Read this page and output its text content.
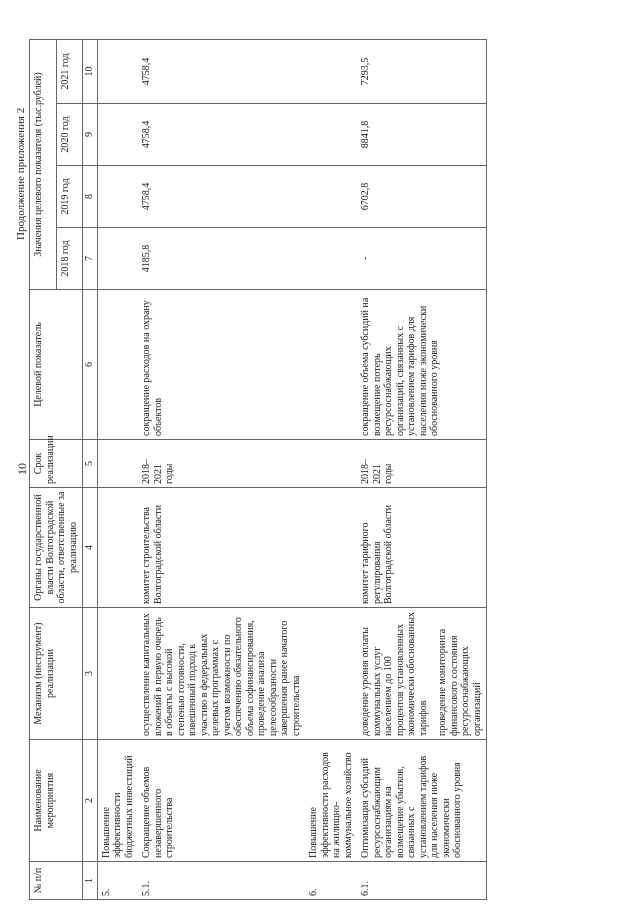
10
Продолжение приложения 2
№ п/п	Наименование мероприятия	Механизм (инструмент) реализации	Органы государственной власти Волгоградской области, ответственные за реализацию	Срок реализации	Целевой показатель	Значения целевого показателя (тыс.рублей)			
						2018 год	2019 год	2020 год	2021 год
1	2	3	4	5	6	7	8	9	10
5.	Повышение эффективности бюджетных инвестиций								
5.1.	Сокращение объемов незавершенного строительства	осуществление капитальных вложений в первую очередь в объекты с высокой степенью готовности, взвешенный подход к участию в федеральных целевых программах с учетом возможности по обеспечению обязательного объема софинансирования, проведение анализа целесообразности завершения ранее начатого строительства	комитет строительства Волгоградской области	2018–2021 годы	сокращение расходов на охрану объектов	4185,8	4758,4	4758,4	4758,4
6.	Повышение эффективности расходов на жилищно-коммунальное хозяйство								
6.1.	Оптимизация субсидий ресурсоснабжающим организациям на возмещение убытков, связанных с установлением тарифов для населения ниже экономически обоснованного уровня	доведение уровня оплаты коммунальных услуг населением до 100 процентов установленных экономически обоснованных тарифов проведение мониторинга финансового состояния ресурсоснабжающих организаций	комитет тарифного регулирования Волгоградской области	2018–2021 годы	сокращение объема субсидий на возмещение потерь ресурсоснабжающих организаций, связанных с установлением тарифов для населения ниже экономически обоснованного уровня	-	6702,8	8841,8	7293,5
